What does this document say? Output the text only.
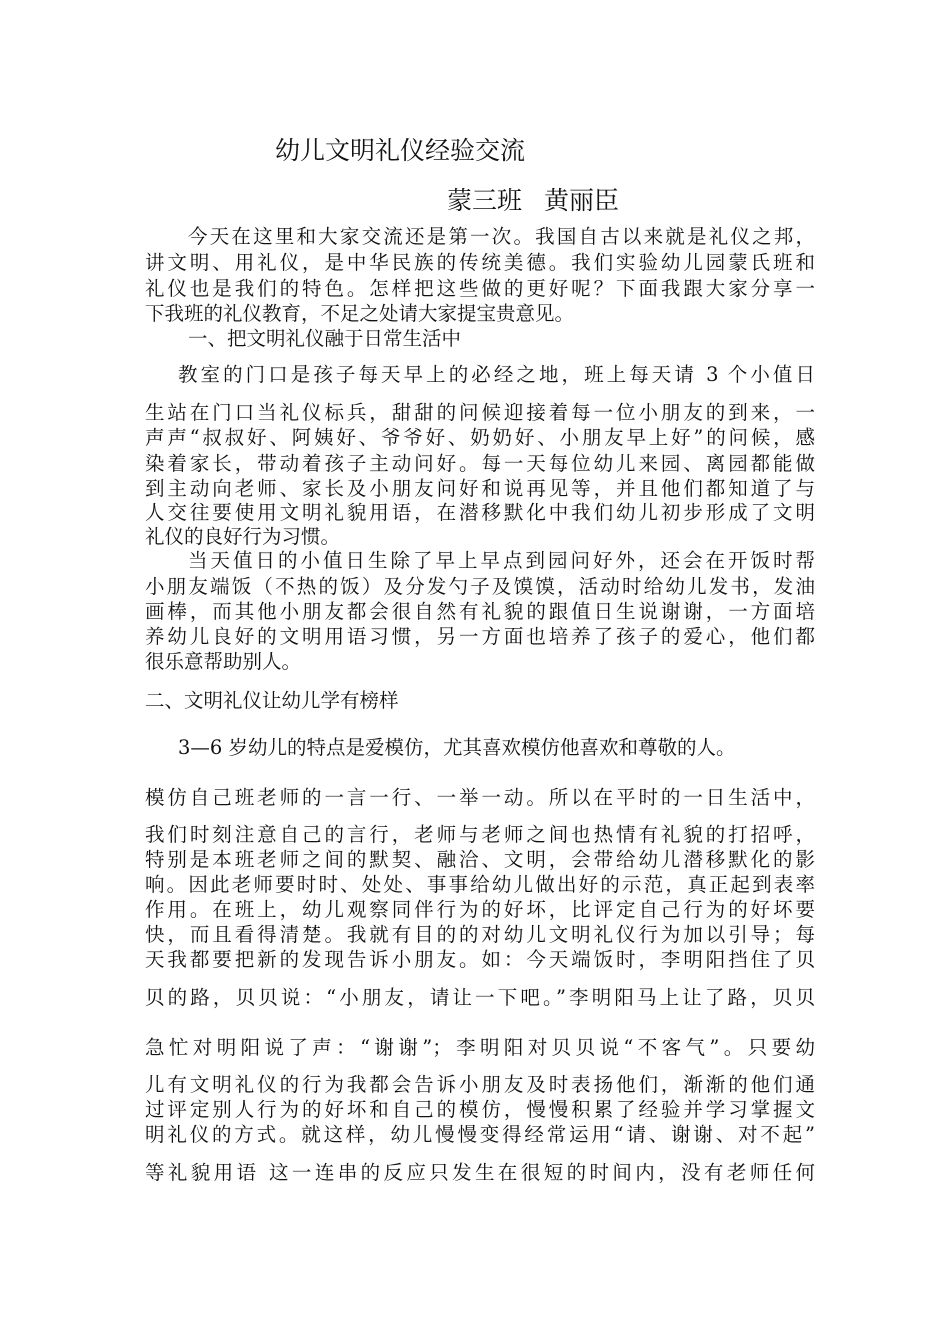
幼儿文明礼仪经验交流
蒙三班 黄丽臣
今天在这里和大家交流还是第一次。我国自古以来就是礼仪之邦，
讲文明、用礼仪，是中华民族的传统美德。我们实验幼儿园蒙氏班和
礼仪也是我们的特色。怎样把这些做的更好呢？下面我跟大家分享一
下我班的礼仪教育，不足之处请大家提宝贵意见。
一、把文明礼仪融于日常生活中
教室的门口是孩子每天早上的必经之地，班上每天请 3 个小值日
生站在门口当礼仪标兵，甜甜的问候迎接着每一位小朋友的到来，一
声声“叔叔好、阿姨好、爷爷好、奶奶好、小朋友早上好”的问候，感
染着家长，带动着孩子主动问好。每一天每位幼儿来园、离园都能做
到主动向老师、家长及小朋友问好和说再见等，并且他们都知道了与
人交往要使用文明礼貌用语，在潜移默化中我们幼儿初步形成了文明
礼仪的良好行为习惯。
当天值日的小值日生除了早上早点到园问好外，还会在开饭时帮
小朋友端饭（不热的饭）及分发勺子及馍馍，活动时给幼儿发书，发油
画棒，而其他小朋友都会很自然有礼貌的跟值日生说谢谢，一方面培
养幼儿良好的文明用语习惯，另一方面也培养了孩子的爱心，他们都
很乐意帮助别人。
二、文明礼仪让幼儿学有榜样
3—6 岁幼儿的特点是爱模仿，尤其喜欢模仿他喜欢和尊敬的人。
模仿自己班老师的一言一行、一举一动。所以在平时的一日生活中，
我们时刻注意自己的言行，老师与老师之间也热情有礼貌的打招呼，
特别是本班老师之间的默契、融洽、文明，会带给幼儿潜移默化的影
响。因此老师要时时、处处、事事给幼儿做出好的示范，真正起到表率
作用。在班上，幼儿观察同伴行为的好坏，比评定自己行为的好坏要
快，而且看得清楚。我就有目的的对幼儿文明礼仪行为加以引导；每
天我都要把新的发现告诉小朋友。如：今天端饭时，李明阳挡住了贝
贝的路，贝贝说：“小朋友，请让一下吧。”李明阳马上让了路，贝贝
急忙对明阳说了声：“谢谢”；李明阳对贝贝说“不客气”。只要幼
儿有文明礼仪的行为我都会告诉小朋友及时表扬他们，渐渐的他们通
过评定别人行为的好坏和自己的模仿，慢慢积累了经验并学习掌握文
明礼仪的方式。就这样，幼儿慢慢变得经常运用“请、谢谢、对不起”
等礼貌用语 这一连串的反应只发生在很短的时间内，没有老师任何
